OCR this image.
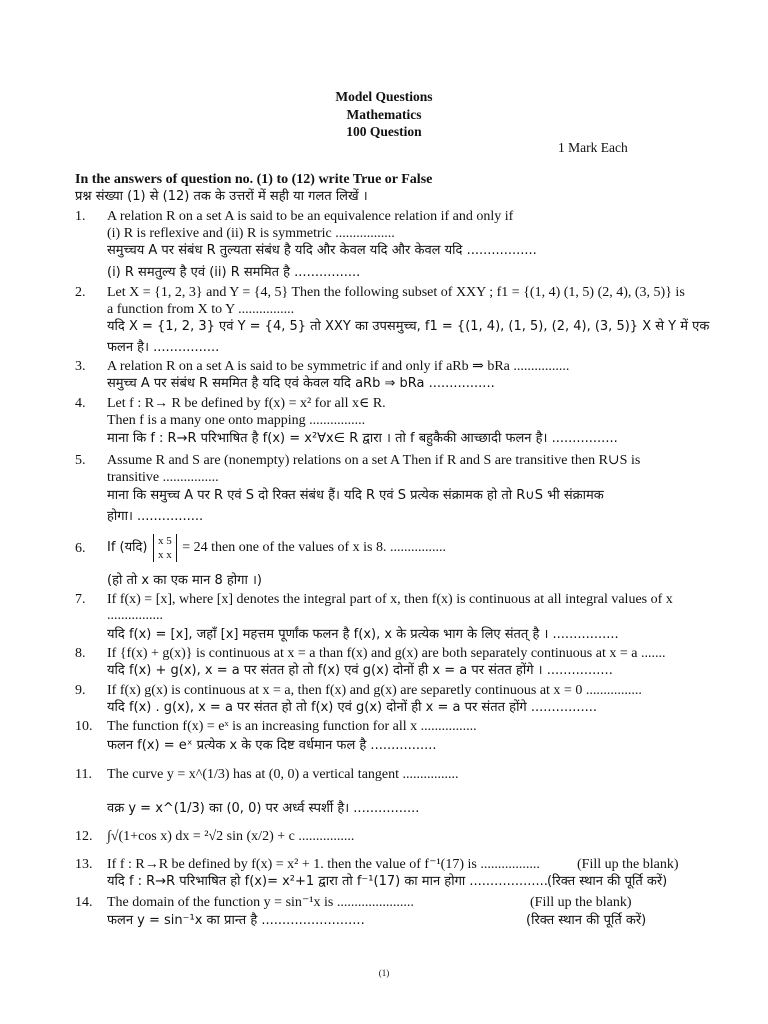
Model Questions
Mathematics
100 Question
1 Mark Each
In the answers of question no. (1) to (12) write True or False
प्रश्न संख्या (1) से (12) तक के उत्तरों में सही या गलत लिखें ।
1. A relation R on a set A is said to be an equivalence relation if and only if
(i) R is reflexive and (ii) R is symmetric .................
समुच्चय A पर संबंध R तुल्यता संबंध है यदि और केवल यदि और केवल यदि .................
(i) R समतुल्य है एवं (ii) R सममित है ................
2. Let X = {1, 2, 3} and Y = {4, 5} Then the following subset of XXY ; f1 = {(1, 4) (1, 5) (2, 4), (3, 5)} is
a function from X to Y ................
यदि X = {1, 2, 3} एवं Y = {4, 5} तो XXY का उपसमुच्च, f1 = {(1, 4), (1, 5), (2, 4), (3, 5)} X से Y में एक
फलन है। ................
3. A relation R on a set A is said to be symmetric if and only if aRb ⇒ bRa ................
समुच्च A पर संबंध R सममित है यदि एवं केवल यदि aRb ⇒ bRa ................
4. Let f : R→ R be defined by f(x) = x² for all x∈ R.
Then f is a many one onto mapping ................
माना कि f : R→R परिभाषित है f(x) = x²∀x∈ R द्वारा । तो f बहुकैकी आच्छादी फलन है। ................
5. Assume R and S are (nonempty) relations on a set A Then if R and S are transitive then R∪S is
transitive ................
माना कि समुच्च A पर R एवं S दो रिक्त संबंध हैं। यदि R एवं S प्रत्येक संक्रामक हो तो R∪S भी संक्रामक
होगा। ................
6. If (यदि) x 5
x x = 24 then one of the values of x is 8. ................
(हो तो x का एक मान 8 होगा ।)
7. If f(x) = [x], where [x] denotes the integral part of x, then f(x) is continuous at all integral values of x
................
यदि f(x) = [x], जहाँ [x] महत्तम पूर्णांक फलन है f(x), x के प्रत्येक भाग के लिए संतत् है । ................
8. If {f(x) + g(x)} is continuous at x = a than f(x) and g(x) are both separately continuous at x = a .......
यदि f(x) + g(x), x = a पर संतत हो तो f(x) एवं g(x) दोनों ही x = a पर संतत होंगे । ................
9. If f(x) g(x) is continuous at x = a, then f(x) and g(x) are separetly continuous at x = 0 ................
यदि f(x) . g(x), x = a पर संतत हो तो f(x) एवं g(x) दोनों ही x = a पर संतत होंगे ................
10. The function f(x) = eˣ is an increasing function for all x ................
फलन f(x) = eˣ प्रत्येक x के एक दिष्ट वर्धमान फल है ................
11. The curve y = x^(1/3) has at (0, 0) a vertical tangent ................
वक्र y = x^(1/3) का (0, 0) पर अर्ध्व स्पर्शी है। ................
12. ∫√(1+cos x) dx = ²√2 sin (x/2) + c ................
13. If f : R→R be defined by f(x) = x² + 1. then the value of f⁻¹(17) is .................	(Fill up the blank)
यदि f : R→R परिभाषित हो f(x)= x²+1 द्वारा तो f⁻¹(17) का मान होगा ................... (रिक्त स्थान की पूर्ति करें)
14. The domain of the function y = sin⁻¹x is ......................	(Fill up the blank)
फलन y = sin⁻¹x का प्रान्त है .........................	(रिक्त स्थान की पूर्ति करें)
(1)
